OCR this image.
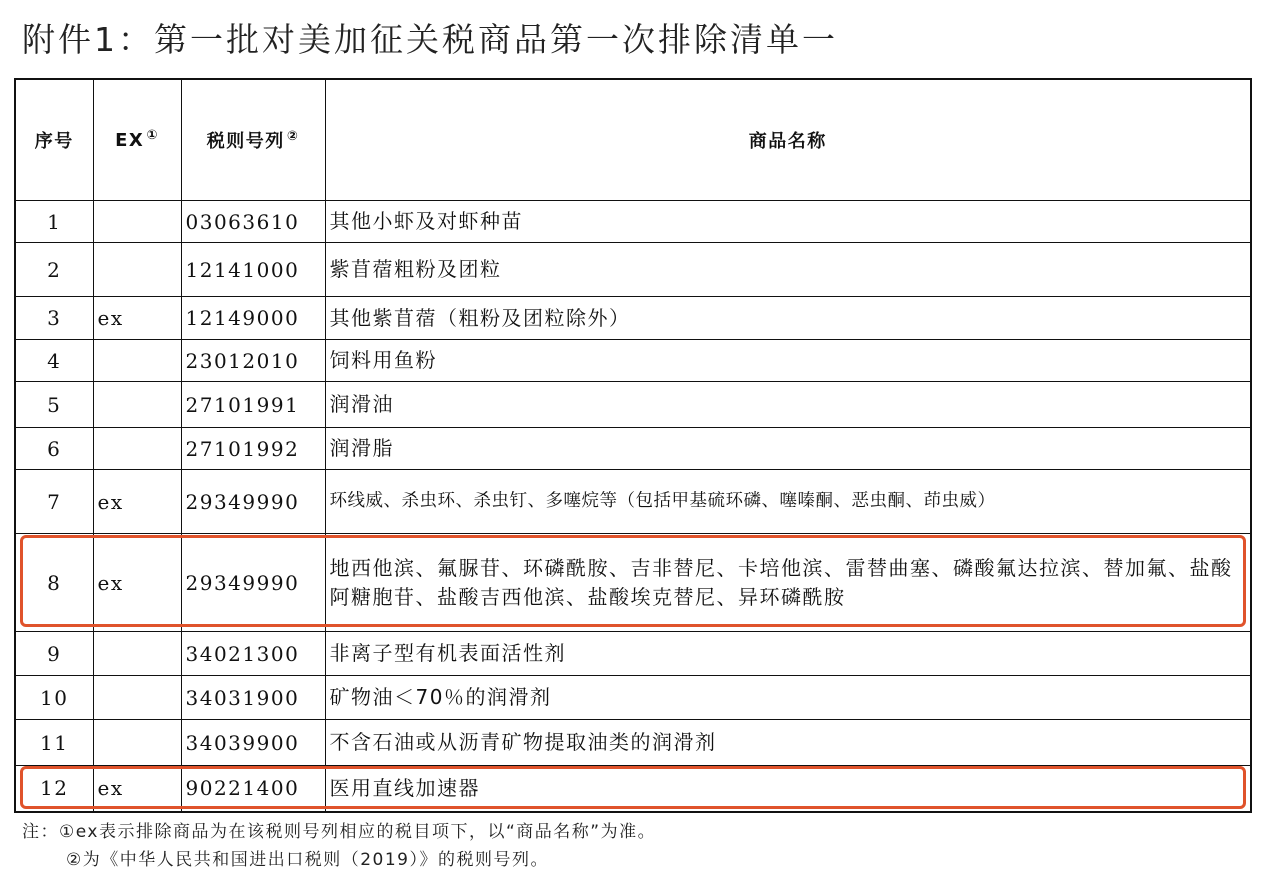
附件1：第一批对美加征关税商品第一次排除清单一
序号	EX ①	税则号列 ②	商品名称
1		03063610	其他小虾及对虾种苗
2		12141000	紫苜蓿粗粉及团粒
3	ex	12149000	其他紫苜蓿（粗粉及团粒除外）
4		23012010	饲料用鱼粉
5		27101991	润滑油
6		27101992	润滑脂
7	ex	29349990	环线威、杀虫环、杀虫钉、多噻烷等（包括甲基硫环磷、噻嗪酮、恶虫酮、茚虫威）
8	ex	29349990	地西他滨、氟脲苷、环磷酰胺、吉非替尼、卡培他滨、雷替曲塞、磷酸氟达拉滨、替加氟、盐酸阿糖胞苷、盐酸吉西他滨、盐酸埃克替尼、异环磷酰胺
9		34021300	非离子型有机表面活性剂
10		34031900	矿物油＜70％的润滑剂
11		34039900	不含石油或从沥青矿物提取油类的润滑剂
12	ex	90221400	医用直线加速器
注：①ex表示排除商品为在该税则号列相应的税目项下，以“商品名称”为准。
②为《中华人民共和国进出口税则（2019）》的税则号列。
